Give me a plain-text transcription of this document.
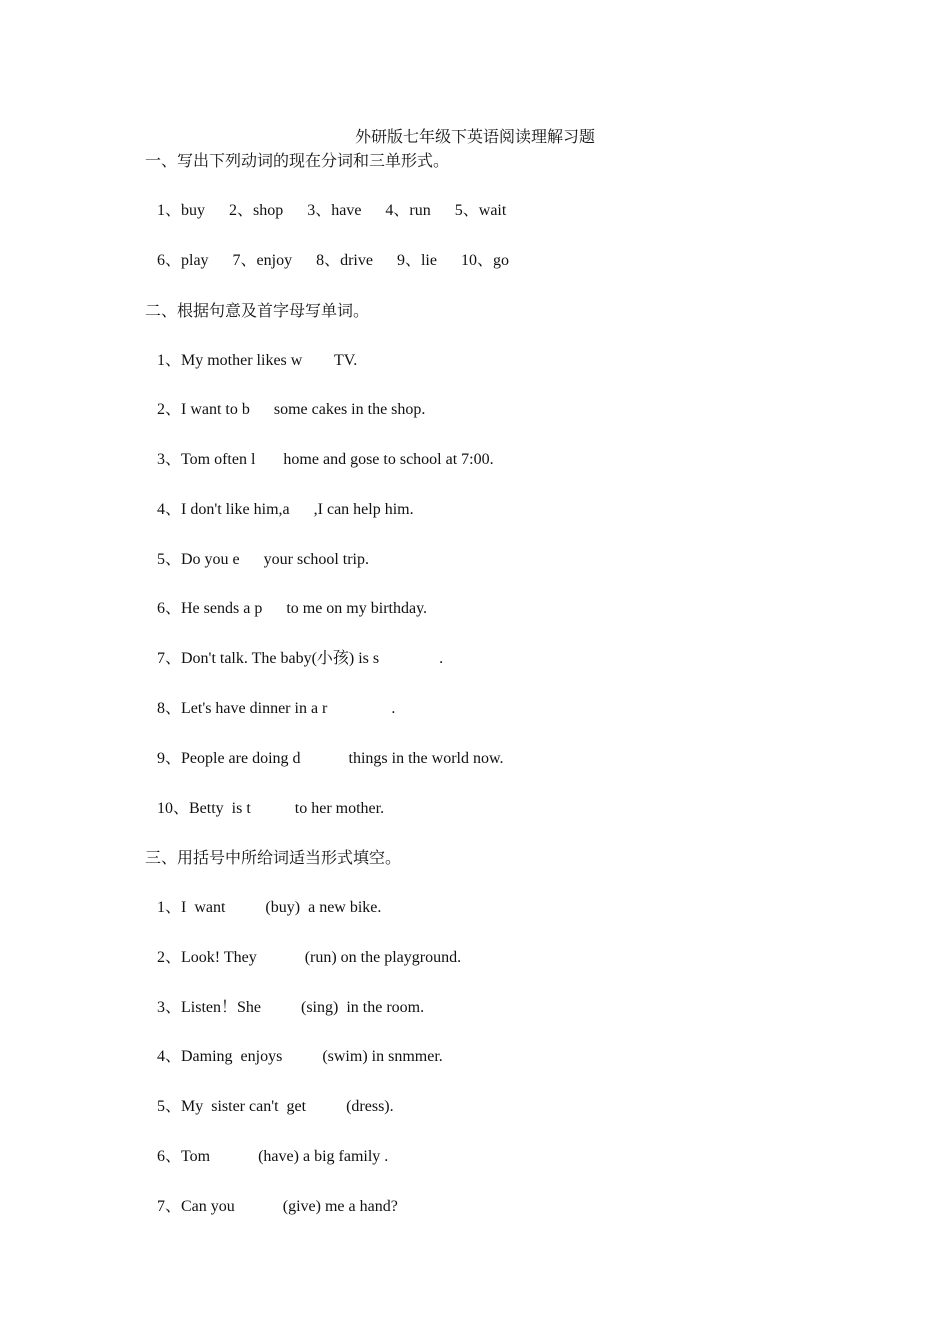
外研版七年级下英语阅读理解习题
一、写出下列动词的现在分词和三单形式。
1、buy      2、shop      3、have      4、run      5、wait
6、play      7、enjoy      8、drive      9、lie      10、go
二、根据句意及首字母写单词。
1、My mother likes w        TV.
2、I want to b      some cakes in the shop.
3、Tom often l       home and gose to school at 7:00.
4、I don't like him,a      ,I can help him.
5、Do you e      your school trip.
6、He sends a p      to me on my birthday.
7、Don't talk. The baby(小孩) is s               .
8、Let's have dinner in a r                .
9、People are doing d            things in the world now.
10、Betty  is t           to her mother.
三、用括号中所给词适当形式填空。
1、I  want          (buy)  a new bike.
2、Look! They            (run) on the playground.
3、Listen！She          (sing)  in the room.
4、Daming  enjoys          (swim) in snmmer.
5、My  sister can't  get          (dress).
6、Tom            (have) a big family .
7、Can you            (give) me a hand?
